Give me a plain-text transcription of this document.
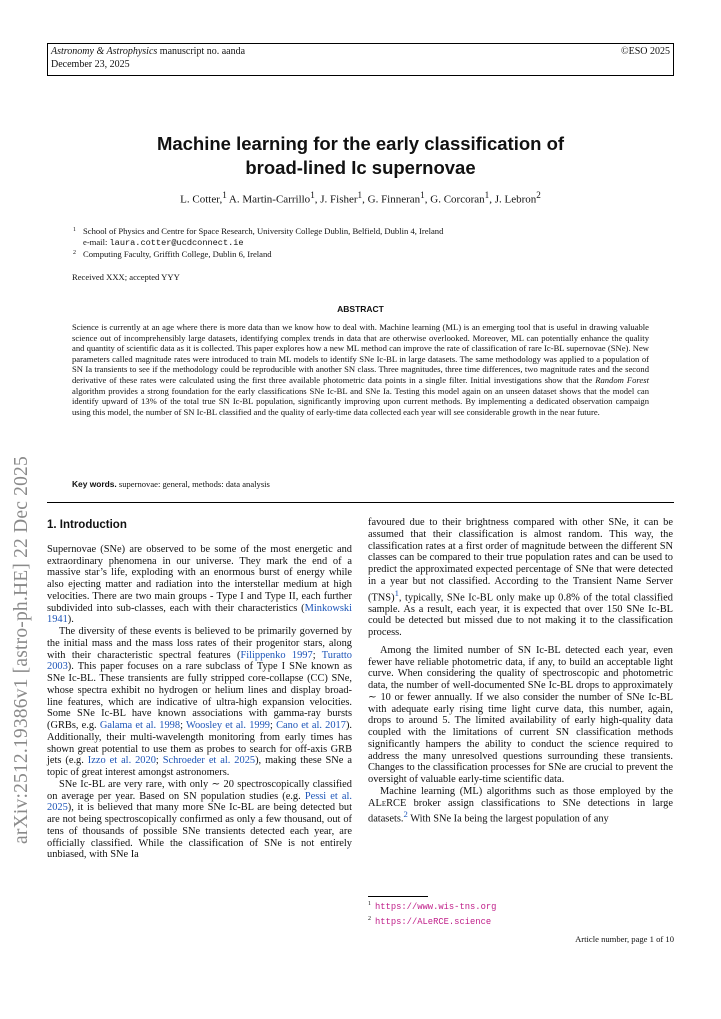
Astronomy & Astrophysics manuscript no. aanda
December 23, 2025
©ESO 2025
arXiv:2512.19386v1 [astro-ph.HE] 22 Dec 2025
Machine learning for the early classification of
broad-lined Ic supernovae
L. Cotter,$^1$ A. Martin-Carrillo$^1$, J. Fisher$^1$, G. Finneran$^1$, G. Corcoran$^1$, J. Lebron$^2$
1 School of Physics and Centre for Space Research, University College Dublin, Belfield, Dublin 4, Ireland
e-mail: laura.cotter@ucdconnect.ie
2 Computing Faculty, Griffith College, Dublin 6, Ireland
Received XXX; accepted YYY
ABSTRACT
Science is currently at an age where there is more data than we know how to deal with. Machine learning (ML) is an emerging tool that is useful in drawing valuable science out of incomprehensibly large datasets, identifying complex trends in data that are otherwise overlooked. Moreover, ML can potentially enhance the quality and quantity of scientific data as it is collected. This paper explores how a new ML method can improve the rate of classification of rare Ic-BL supernovae (SNe). New parameters called magnitude rates were introduced to train ML models to identify SNe Ic-BL in large datasets. The same methodology was applied to a population of SN Ia transients to see if the methodology could be reproducible with another SN class. Three magnitudes, three time differences, two magnitude rates and the second derivative of these rates were calculated using the first three available photometric data points in a single filter. Initial investigations show that the Random Forest algorithm provides a strong foundation for the early classifications SNe Ic-BL and SNe Ia. Testing this model again on an unseen dataset shows that the model can identify upward of 13% of the total true SN Ic-BL population, significantly improving upon current methods. By implementing a dedicated observation campaign using this model, the number of SN Ic-BL classified and the quality of early-time data collected each year will see considerable growth in the near future.
Key words. supernovae: general, methods: data analysis
1. Introduction

Supernovae (SNe) are observed to be some of the most energetic and extraordinary phenomena in our universe. They mark the end of a massive star’s life, exploding with an enormous burst of energy while also ejecting matter and radiation into the interstellar medium at high velocities. There are two main groups - Type I and Type II, each further subdivided into sub-classes, each with their characteristics (Minkowski 1941).

The diversity of these events is believed to be primarily governed by the initial mass and the mass loss rates of their progenitor stars, along with their characteristic spectral features (Filippenko 1997; Turatto 2003). This paper focuses on a rare subclass of Type I SNe known as SNe Ic-BL. These transients are fully stripped core-collapse (CC) SNe, whose spectra exhibit no hydrogen or helium lines and display broad-line features, which are indicative of ultra-high expansion velocities. Some SNe Ic-BL have known associations with gamma-ray bursts (GRBs, e.g. Galama et al. 1998; Woosley et al. 1999; Cano et al. 2017). Additionally, their multi-wavelength monitoring from early times has shown great potential to use them as probes to search for off-axis GRB jets (e.g. Izzo et al. 2020; Schroeder et al. 2025), making these SNe a topic of great interest amongst astronomers.

SNe Ic-BL are very rare, with only ∼ 20 spectroscopically classified on average per year. Based on SN population studies (e.g. Pessi et al. 2025), it is believed that many more SNe Ic-BL are being detected but are not being spectroscopically confirmed as only a few thousand, out of tens of thousands of possible SNe transients detected each year, are officially classified. While the classification of SNe is not entirely unbiased, with SNe Ia

favoured due to their brightness compared with other SNe, it can be assumed that their classification is almost random. This way, the classification rates at a first order of magnitude between the different SN classes can be compared to their true population rates and can be used to predict the approximated expected percentage of SNe that were detected in a year but not classified. According to the Transient Name Server (TNS)$^1$, typically, SNe Ic-BL only make up 0.8% of the total classified sample. As a result, each year, it is expected that over 150 SNe Ic-BL could be detected but missed due to not making it to the classification process.

Among the limited number of SN Ic-BL detected each year, even fewer have reliable photometric data, if any, to build an acceptable light curve. When considering the quality of spectroscopic and photometric data, the number of well-documented SNe Ic-BL drops to approximately ∼ 10 or fewer annually. If we also consider the number of SNe Ic-BL with adequate early rising time light curve data, this number, again, drops to around 5. The limited availability of early high-quality data coupled with the limitations of current SN classification methods significantly hampers the ability to conduct the science required to address the many unresolved questions surrounding these transients. Changes to the classification processes for SNe are crucial to prevent the oversight of valuable early-time scientific data.

Machine learning (ML) algorithms such as those employed by the ALeRCE broker assign classifications to SNe detections in large datasets.$^2$ With SNe Ia being the largest population of any

$^1$ https://www.wis-tns.org
$^2$ https://ALeRCE.science
Article number, page 1 of 10
